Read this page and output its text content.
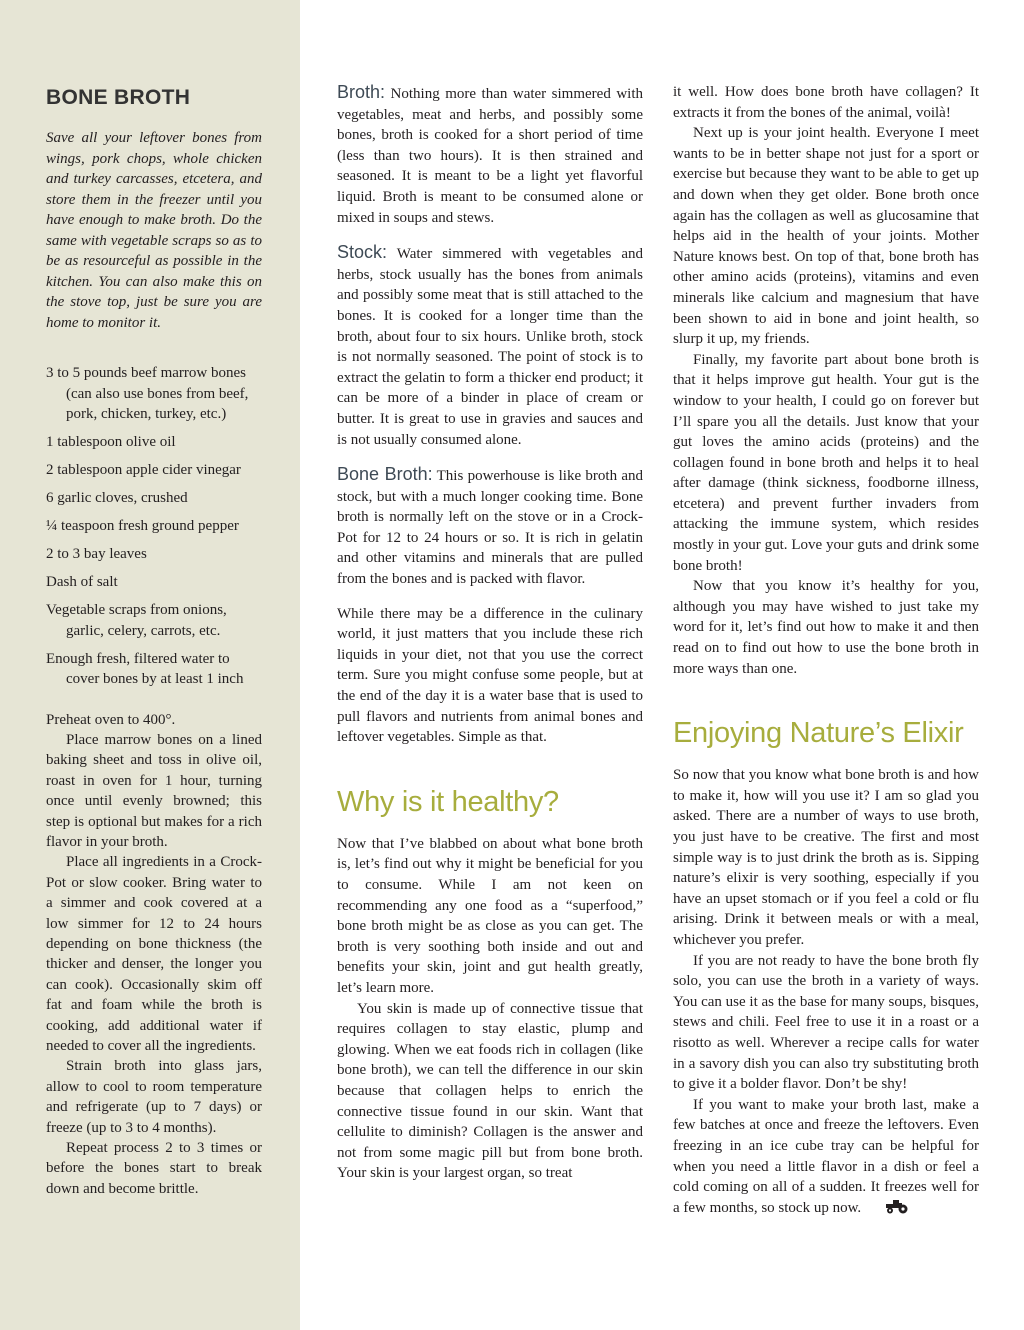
BONE BROTH

Save all your leftover bones from wings, pork chops, whole chicken and turkey carcasses, etcetera, and store them in the freezer until you have enough to make broth. Do the same with vegetable scraps so as to be as resourceful as possible in the kitchen. You can also make this on the stove top, just be sure you are home to monitor it.

3 to 5 pounds beef marrow bones (can also use bones from beef, pork, chicken, turkey, etc.)
1 tablespoon olive oil
2 tablespoon apple cider vinegar
6 garlic cloves, crushed
¼ teaspoon fresh ground pepper
2 to 3 bay leaves
Dash of salt
Vegetable scraps from onions, garlic, celery, carrots, etc.
Enough fresh, filtered water to cover bones by at least 1 inch

Preheat oven to 400°.

Place marrow bones on a lined baking sheet and toss in olive oil, roast in oven for 1 hour, turning once until evenly browned; this step is optional but makes for a rich flavor in your broth.

Place all ingredients in a Crock-Pot or slow cooker. Bring water to a simmer and cook covered at a low simmer for 12 to 24 hours depending on bone thickness (the thicker and denser, the longer you can cook). Occasionally skim off fat and foam while the broth is cooking, add additional water if needed to cover all the ingredients.

Strain broth into glass jars, allow to cool to room temperature and refrigerate (up to 7 days) or freeze (up to 3 to 4 months).

Repeat process 2 to 3 times or before the bones start to break down and become brittle.

Broth: Nothing more than water simmered with vegetables, meat and herbs, and possibly some bones, broth is cooked for a short period of time (less than two hours). It is then strained and seasoned. It is meant to be a light yet flavorful liquid. Broth is meant to be consumed alone or mixed in soups and stews.

Stock: Water simmered with vegetables and herbs, stock usually has the bones from animals and possibly some meat that is still attached to the bones. It is cooked for a longer time than the broth, about four to six hours. Unlike broth, stock is not normally seasoned. The point of stock is to extract the gelatin to form a thicker end product; it can be more of a binder in place of cream or butter. It is great to use in gravies and sauces and is not usually consumed alone.

Bone Broth: This powerhouse is like broth and stock, but with a much longer cooking time. Bone broth is normally left on the stove or in a Crock-Pot for 12 to 24 hours or so. It is rich in gelatin and other vitamins and minerals that are pulled from the bones and is packed with flavor.

While there may be a difference in the culinary world, it just matters that you include these rich liquids in your diet, not that you use the correct term. Sure you might confuse some people, but at the end of the day it is a water base that is used to pull flavors and nutrients from animal bones and leftover vegetables. Simple as that.

Why is it healthy?

Now that I’ve blabbed on about what bone broth is, let’s find out why it might be beneficial for you to consume. While I am not keen on recommending any one food as a “superfood,” bone broth might be as close as you can get. The broth is very soothing both inside and out and benefits your skin, joint and gut health greatly, let’s learn more.

You skin is made up of connective tissue that requires collagen to stay elastic, plump and glowing. When we eat foods rich in collagen (like bone broth), we can tell the difference in our skin because that collagen helps to enrich the connective tissue found in our skin. Want that cellulite to diminish? Collagen is the answer and not from some magic pill but from bone broth. Your skin is your largest organ, so treat

it well. How does bone broth have collagen? It extracts it from the bones of the animal, voilà!

Next up is your joint health. Everyone I meet wants to be in better shape not just for a sport or exercise but because they want to be able to get up and down when they get older. Bone broth once again has the collagen as well as glucosamine that helps aid in the health of your joints. Mother Nature knows best. On top of that, bone broth has other amino acids (proteins), vitamins and even minerals like calcium and magnesium that have been shown to aid in bone and joint health, so slurp it up, my friends.

Finally, my favorite part about bone broth is that it helps improve gut health. Your gut is the window to your health, I could go on forever but I’ll spare you all the details. Just know that your gut loves the amino acids (proteins) and the collagen found in bone broth and helps it to heal after damage (think sickness, foodborne illness, etcetera) and prevent further invaders from attacking the immune system, which resides mostly in your gut. Love your guts and drink some bone broth!

Now that you know it’s healthy for you, although you may have wished to just take my word for it, let’s find out how to make it and then read on to find out how to use the bone broth in more ways than one.

Enjoying Nature’s Elixir

So now that you know what bone broth is and how to make it, how will you use it? I am so glad you asked. There are a number of ways to use broth, you just have to be creative. The first and most simple way is to just drink the broth as is. Sipping nature’s elixir is very soothing, especially if you have an upset stomach or if you feel a cold or flu arising. Drink it between meals or with a meal, whichever you prefer.

If you are not ready to have the bone broth fly solo, you can use the broth in a variety of ways. You can use it as the base for many soups, bisques, stews and chili. Feel free to use it in a roast or a risotto as well. Wherever a recipe calls for water in a savory dish you can also try substituting broth to give it a bolder flavor. Don’t be shy!

If you want to make your broth last, make a few batches at once and freeze the leftovers. Even freezing in an ice cube tray can be helpful for when you need a little flavor in a dish or feel a cold coming on all of a sudden. It freezes well for a few months, so stock up now.
